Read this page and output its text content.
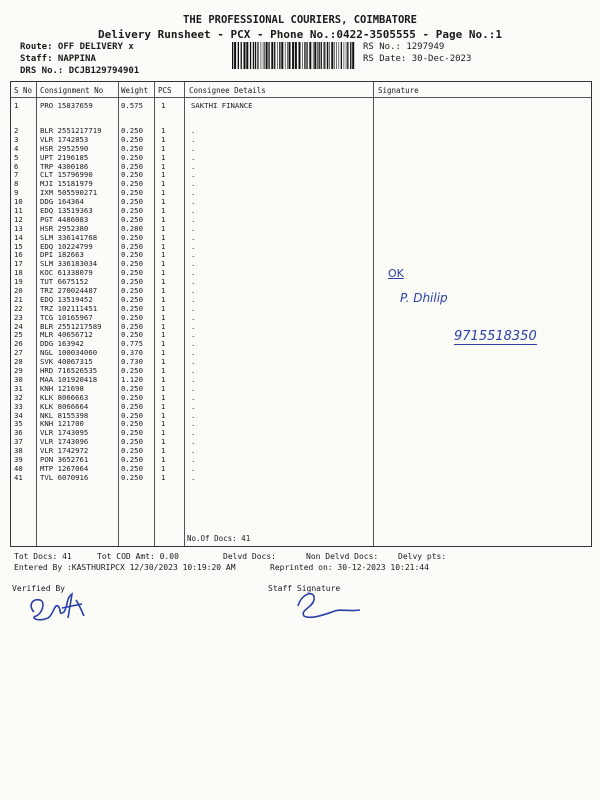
THE PROFESSIONAL COURIERS, COIMBATORE
Delivery Runsheet - PCX - Phone No.:0422-3505555 - Page No.:1
Route: OFF DELIVERY x
Staff: NAPPINA
DRS No.: DCJB129794901
RS No.: 1297949
RS Date: 30-Dec-2023
S No Consignment No Weight PCS Consignee Details	Signature
1	PRO 15837659	0.575 1	SAKTHI FINANCE
2	BLR 2551217719	0.250 1	.
3	VLR 1742853	0.250 1	.
4	HSR 2952590	0.250 1	.
5	UPT 2196185	0.250 1	.
6	TRP 4300186	0.250 1	.
7	CLT 15796990	0.250 1	.
8	MJI 15181979	0.250 1	.
9	IXM 505590271	0.250 1	.
10 DDG 164364	0.250 1	.
11 EDQ 13519363	0.250 1	.
12 PGT 4486083	0.250 1	.
13 HSR 2952380	0.280 1	.
14 SLM 336141768	0.250 1	.
15 EDQ 10224799	0.250 1	.
16 DPI 182663	0.250 1	.
17 SLM 336183034	0.250 1	.
18 KOC 61338079	0.250 1	.
19 TUT 6675152	0.250 1	.
20 TRZ 270024487	0.250 1	.
21 EDQ 13519452	0.250 1	.
22 TRZ 102111451	0.250 1	.
23 TCG 10165967	0.250 1	.
24 BLR 2551217589	0.250 1	.
25 MLR 40656712	0.250 1	.
26 DDG 163942	0.775 1	.
27 NGL 100034060	0.370 1	.
28 SVK 40067315	0.730 1	.
29 HRD 716526535	0.250 1	.
30 MAA 101920418	1.120 1	.
31 KNH 121698	0.250 1	.
32 KLK 8066663	0.250 1	.
33 KLK 8066664	0.250 1	.
34 NKL 8155398	0.250 1	.
35 KNH 121700	0.250 1	.
36 VLR 1743095	0.250 1	.
37 VLR 1743096	0.250 1	.
38 VLR 1742972	0.250 1	.
39 PON 3652761	0.250 1	.
40 MTP 1267064	0.250 1	.
41 TVL 6070916	0.250 1	.
No.Of Docs: 41
Tot Docs: 41	Tot COD Amt: 0.00	Delvd Docs:	Non Delvd Docs: Delvy pts:
Entered By :KASTHURIPCX 12/30/2023 10:19:20 AM	Reprinted on: 30-12-2023 10:21:44
Verified By	Staff Signature
OK
P. Dhilip
9715518350
